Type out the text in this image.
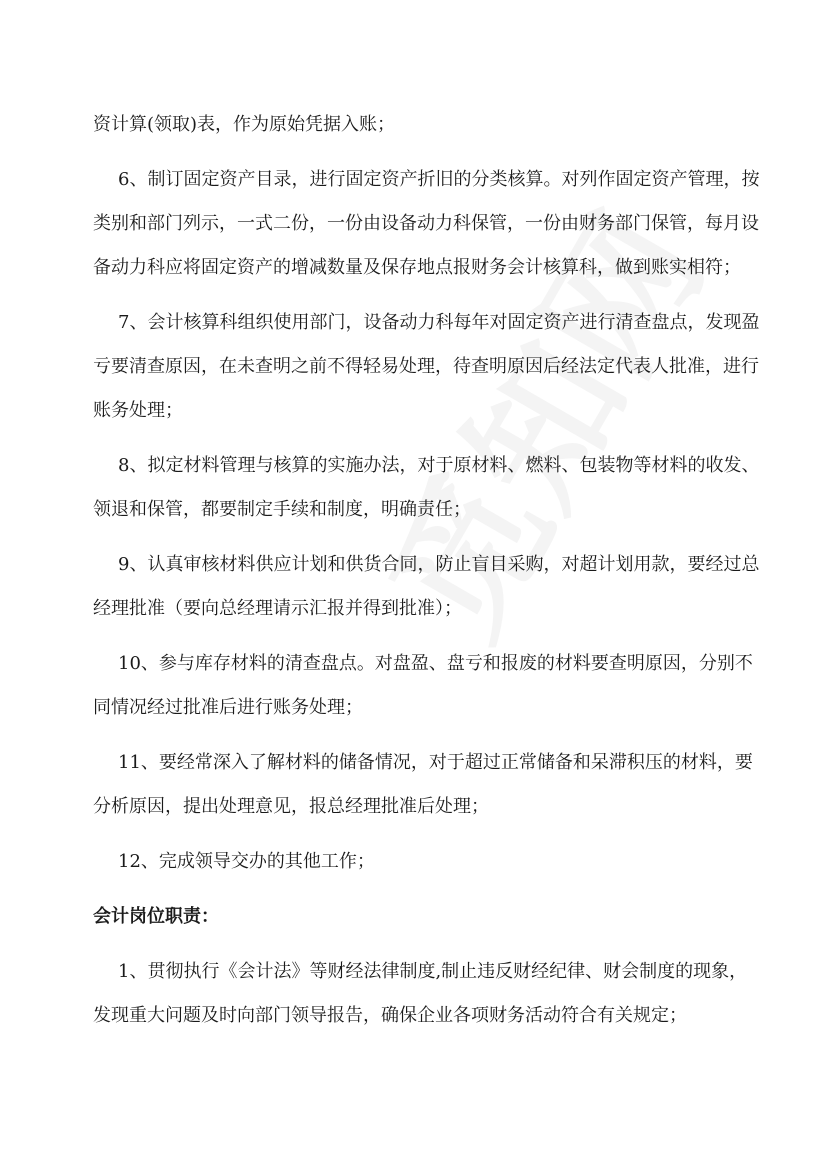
资计算(领取)表，作为原始凭据入账；
6、制订固定资产目录，进行固定资产折旧的分类核算。对列作固定资产管理，按
类别和部门列示，一式二份，一份由设备动力科保管，一份由财务部门保管，每月设
备动力科应将固定资产的增减数量及保存地点报财务会计核算科，做到账实相符；
7、会计核算科组织使用部门，设备动力科每年对固定资产进行清查盘点，发现盈
亏要清查原因，在未查明之前不得轻易处理，待查明原因后经法定代表人批准，进行
账务处理；
8、拟定材料管理与核算的实施办法，对于原材料、燃料、包装物等材料的收发、
领退和保管，都要制定手续和制度，明确责任；
9、认真审核材料供应计划和供货合同，防止盲目采购，对超计划用款，要经过总
经理批准（要向总经理请示汇报并得到批准）；
10、参与库存材料的清查盘点。对盘盈、盘亏和报废的材料要查明原因，分别不
同情况经过批准后进行账务处理；
11、要经常深入了解材料的储备情况，对于超过正常储备和呆滞积压的材料，要
分析原因，提出处理意见，报总经理批准后处理；
12、完成领导交办的其他工作；
会计岗位职责：
1、贯彻执行《会计法》等财经法律制度,制止违反财经纪律、财会制度的现象，
发现重大问题及时向部门领导报告，确保企业各项财务活动符合有关规定；
